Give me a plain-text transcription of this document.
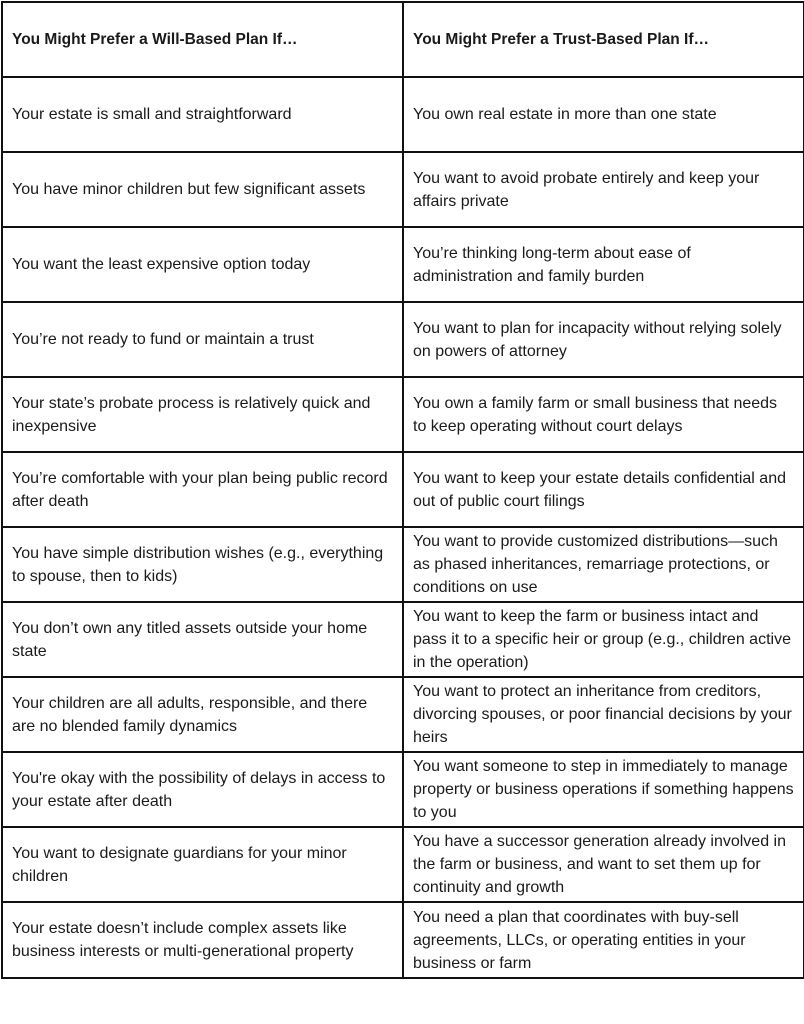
You Might Prefer a Will-Based Plan If…	You Might Prefer a Trust-Based Plan If…
Your estate is small and straightforward	You own real estate in more than one state
You have minor children but few significant assets	You want to avoid probate entirely and keep your affairs private
You want the least expensive option today	You’re thinking long-term about ease of administration and family burden
You’re not ready to fund or maintain a trust	You want to plan for incapacity without relying solely on powers of attorney
Your state’s probate process is relatively quick and inexpensive	You own a family farm or small business that needs to keep operating without court delays
You’re comfortable with your plan being public record after death	You want to keep your estate details confidential and out of public court filings
You have simple distribution wishes (e.g., everything to spouse, then to kids)	You want to provide customized distributions—such as phased inheritances, remarriage protections, or conditions on use
You don’t own any titled assets outside your home state	You want to keep the farm or business intact and pass it to a specific heir or group (e.g., children active in the operation)
Your children are all adults, responsible, and there are no blended family dynamics	You want to protect an inheritance from creditors, divorcing spouses, or poor financial decisions by your heirs
You're okay with the possibility of delays in access to your estate after death	You want someone to step in immediately to manage property or business operations if something happens to you
You want to designate guardians for your minor children	You have a successor generation already involved in the farm or business, and want to set them up for continuity and growth
Your estate doesn’t include complex assets like business interests or multi-generational property	You need a plan that coordinates with buy-sell agreements, LLCs, or operating entities in your business or farm
